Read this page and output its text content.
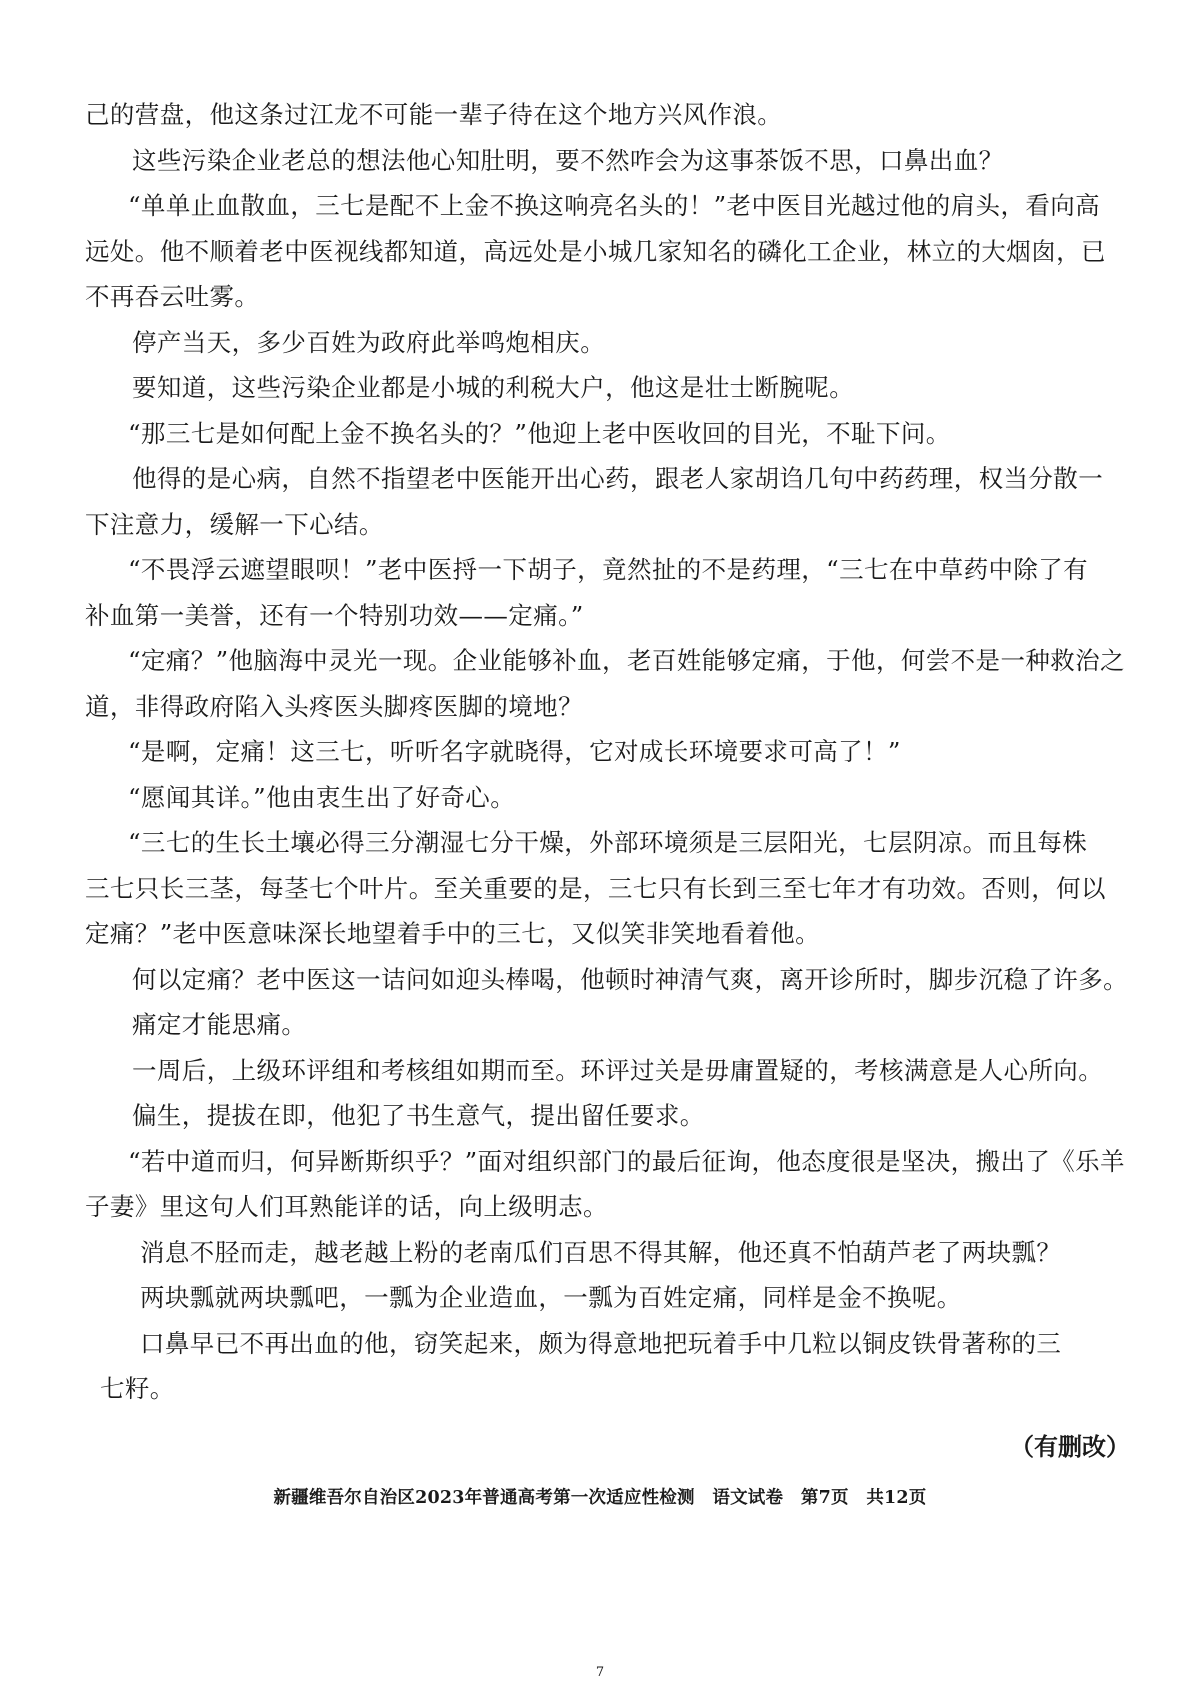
己的营盘，他这条过江龙不可能一辈子待在这个地方兴风作浪。
这些污染企业老总的想法他心知肚明，要不然咋会为这事茶饭不思，口鼻出血？
“单单止血散血，三七是配不上金不换这响亮名头的！”老中医目光越过他的肩头，看向高
远处。他不顺着老中医视线都知道，高远处是小城几家知名的磷化工企业，林立的大烟囱，已
不再吞云吐雾。
停产当天，多少百姓为政府此举鸣炮相庆。
要知道，这些污染企业都是小城的利税大户，他这是壮士断腕呢。
“那三七是如何配上金不换名头的？”他迎上老中医收回的目光，不耻下问。
他得的是心病，自然不指望老中医能开出心药，跟老人家胡诌几句中药药理，权当分散一
下注意力，缓解一下心结。
“不畏浮云遮望眼呗！”老中医捋一下胡子，竟然扯的不是药理，“三七在中草药中除了有
补血第一美誉，还有一个特别功效——定痛。”
“定痛？”他脑海中灵光一现。企业能够补血，老百姓能够定痛，于他，何尝不是一种救治之
道，非得政府陷入头疼医头脚疼医脚的境地？
“是啊，定痛！这三七，听听名字就晓得，它对成长环境要求可高了！”
“愿闻其详。”他由衷生出了好奇心。
“三七的生长土壤必得三分潮湿七分干燥，外部环境须是三层阳光，七层阴凉。而且每株
三七只长三茎，每茎七个叶片。至关重要的是，三七只有长到三至七年才有功效。否则，何以
定痛？”老中医意味深长地望着手中的三七，又似笑非笑地看着他。
何以定痛？老中医这一诘问如迎头棒喝，他顿时神清气爽，离开诊所时，脚步沉稳了许多。
痛定才能思痛。
一周后，上级环评组和考核组如期而至。环评过关是毋庸置疑的，考核满意是人心所向。
偏生，提拔在即，他犯了书生意气，提出留任要求。
“若中道而归，何异断斯织乎？”面对组织部门的最后征询，他态度很是坚决，搬出了《乐羊
子妻》里这句人们耳熟能详的话，向上级明志。
消息不胫而走，越老越上粉的老南瓜们百思不得其解，他还真不怕葫芦老了两块瓢？
两块瓢就两块瓢吧，一瓢为企业造血，一瓢为百姓定痛，同样是金不换呢。
口鼻早已不再出血的他，窃笑起来，颇为得意地把玩着手中几粒以铜皮铁骨著称的三
七籽。
（有删改）
新疆维吾尔自治区2023年普通高考第一次适应性检测　语文试卷　第7页　共12页
7
